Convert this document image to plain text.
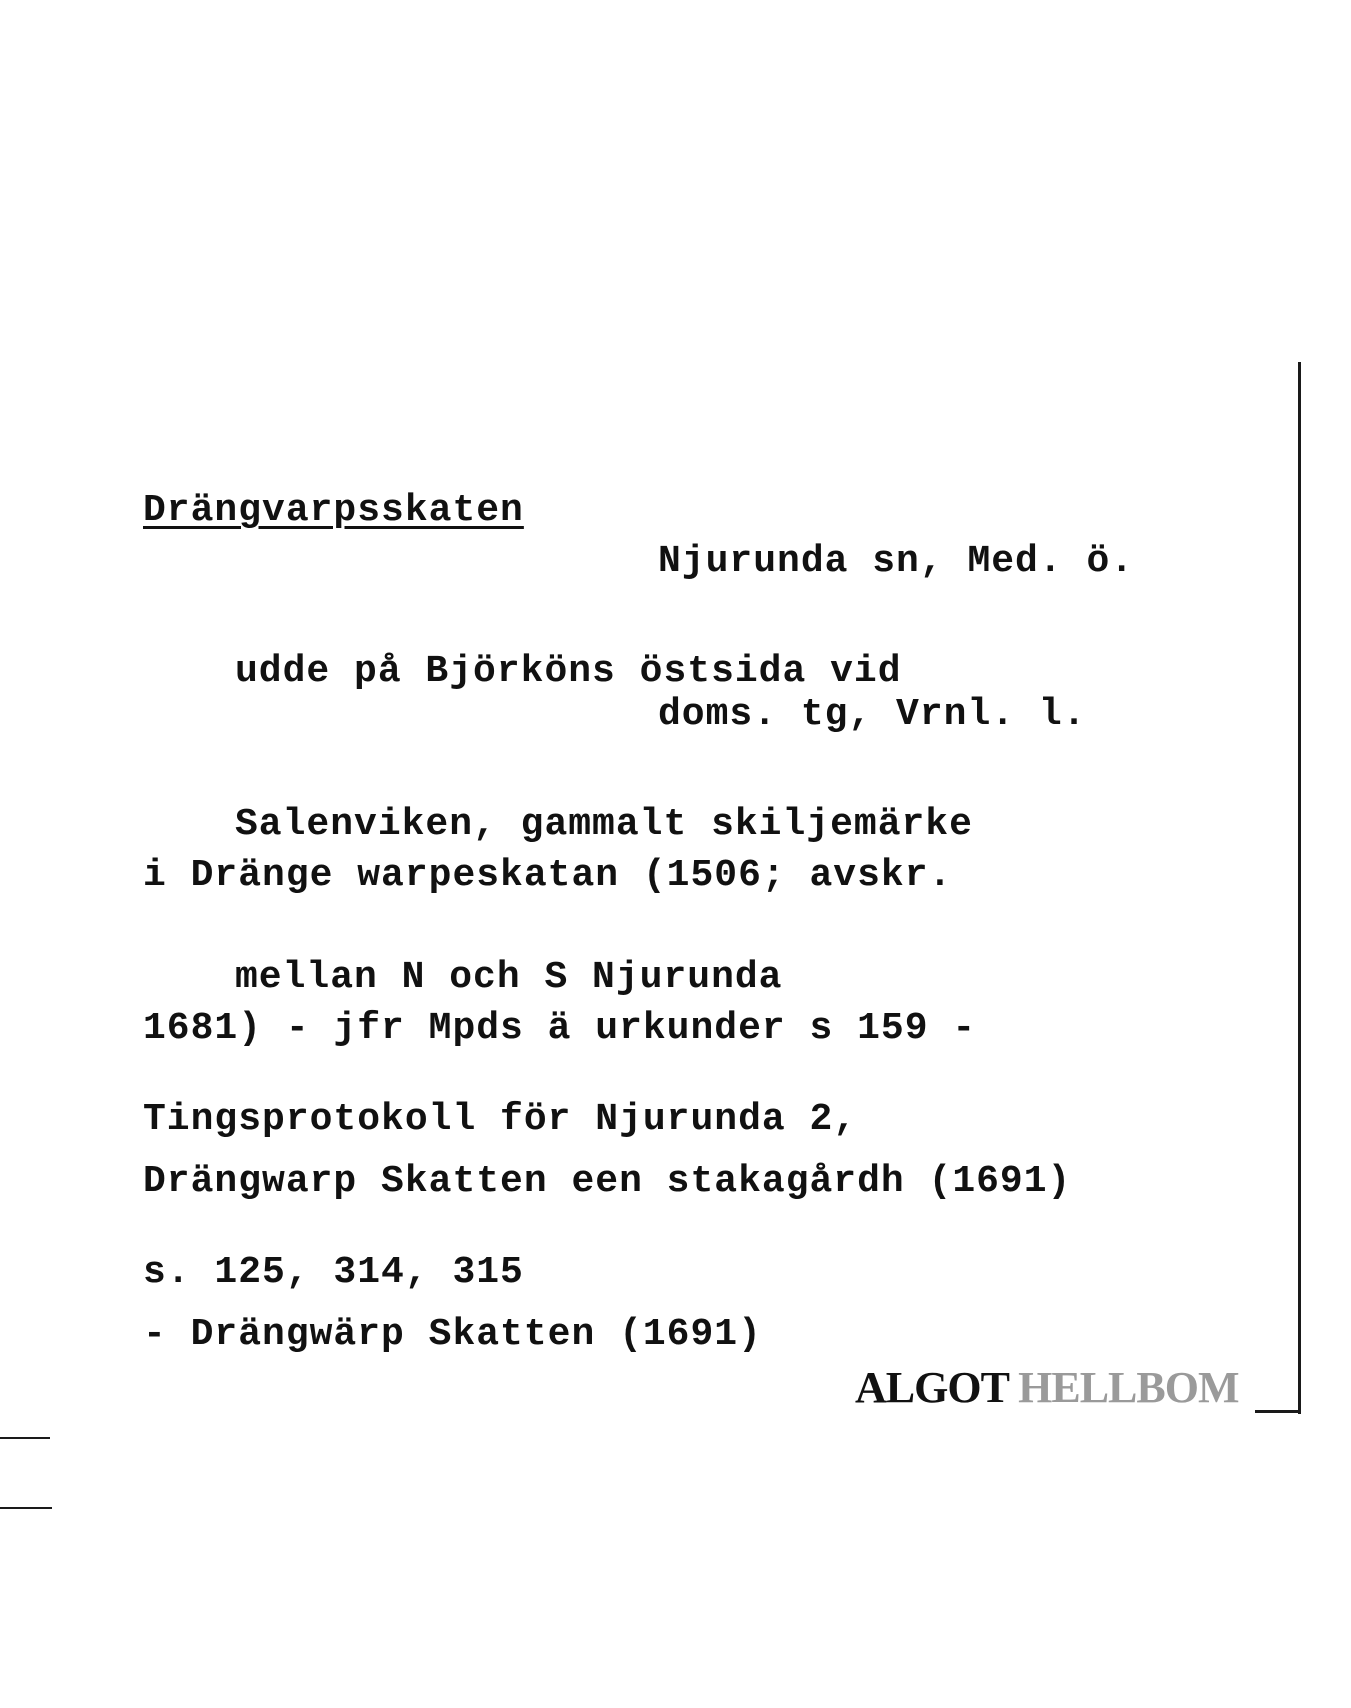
Njurunda sn, Med. ö.

doms. tg, Vrnl. l.

Drängvarpsskaten

udde på Björköns östsida vid

Salenviken, gammalt skiljemärke

mellan N och S Njurunda

i Dränge warpeskatan (1506; avskr.

1681) - jfr Mpds ä urkunder s 159 -

Drängwarp Skatten een stakagårdh (1691)

- Drängwärp Skatten (1691)

Tingsprotokoll för Njurunda 2,

s. 125, 314, 315

ALGOT HELLBOM
